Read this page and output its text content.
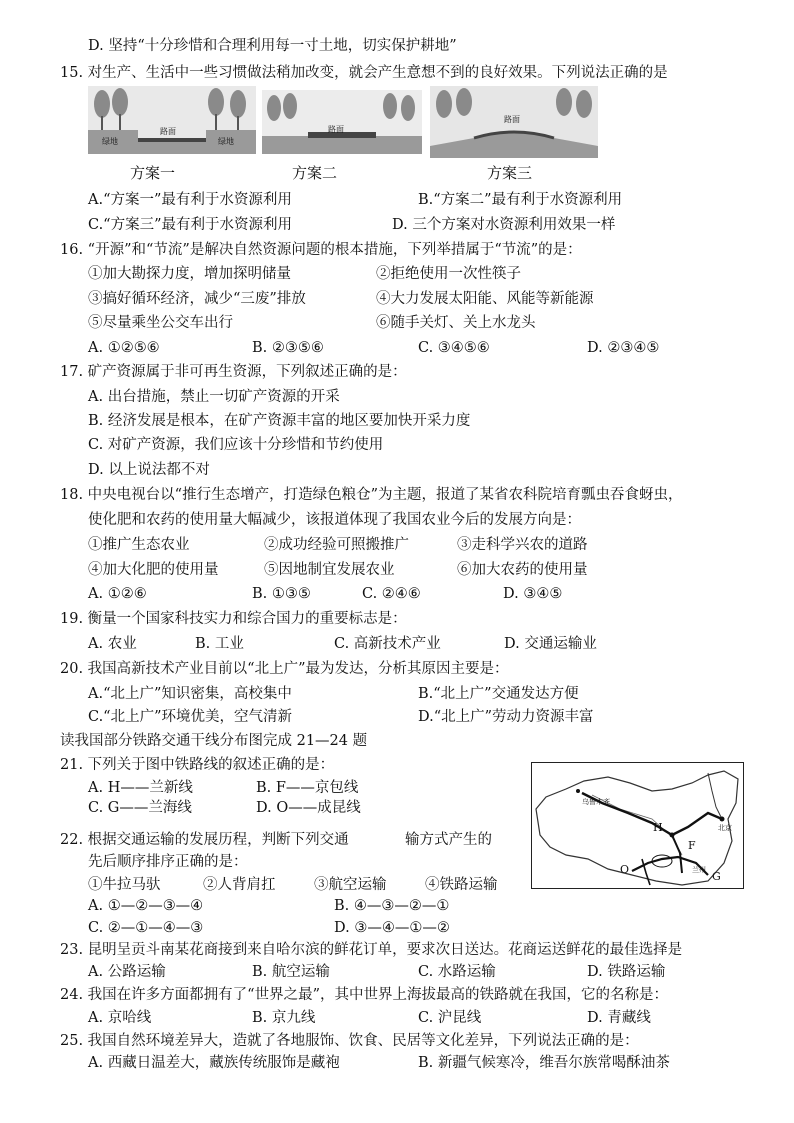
D. 坚持“十分珍惜和合理利用每一寸土地，切实保护耕地”
15. 对生产、生活中一些习惯做法稍加改变，就会产生意想不到的良好效果。下列说法正确的是
绿地
路面
绿地
路面
路面
方案一	方案二	方案三
A.“方案一”最有利于水资源利用	B.“方案二”最有利于水资源利用
C.“方案三”最有利于水资源利用	D. 三个方案对水资源利用效果一样
16. “开源”和“节流”是解决自然资源问题的根本措施，下列举措属于“节流”的是：
①加大勘探力度，增加探明储量	②拒绝使用一次性筷子
③搞好循环经济，减少“三废”排放	④大力发展太阳能、风能等新能源
⑤尽量乘坐公交车出行	⑥随手关灯、关上水龙头
A. ①②⑤⑥	B. ②③⑤⑥	C. ③④⑤⑥	D. ②③④⑤
17. 矿产资源属于非可再生资源，下列叙述正确的是：
A. 出台措施，禁止一切矿产资源的开采
B. 经济发展是根本，在矿产资源丰富的地区要加快开采力度
C. 对矿产资源，我们应该十分珍惜和节约使用
D. 以上说法都不对
18. 中央电视台以“推行生态增产，打造绿色粮仓”为主题，报道了某省农科院培育瓢虫吞食蚜虫，
使化肥和农药的使用量大幅减少，该报道体现了我国农业今后的发展方向是：
①推广生态农业	②成功经验可照搬推广	③走科学兴农的道路
④加大化肥的使用量	⑤因地制宜发展农业	⑥加大农药的使用量
A. ①②⑥	B. ①③⑤	C. ②④⑥	D. ③④⑤
19. 衡量一个国家科技实力和综合国力的重要标志是：
A. 农业	B. 工业	C. 高新技术产业	D. 交通运输业
20. 我国高新技术产业目前以“北上广”最为发达，分析其原因主要是：
A.“北上广”知识密集，高校集中	B.“北上广”交通发达方便
C.“北上广”环境优美，空气清新	D.“北上广”劳动力资源丰富
读我国部分铁路交通干线分布图完成 21—24 题
21. 下列关于图中铁路线的叙述正确的是：
A. H——兰新线	B. F——京包线
C. G——兰海线	D. O——成昆线
22. 根据交通运输的发展历程，判断下列交通	输方式产生的
先后顺序排序正确的是：
①牛拉马驮	②人背肩扛	③航空运输	④铁路运输
A. ①—②—③—④	B. ④—③—②—①
C. ②—①—④—③	D. ③—④—①—②
23. 昆明呈贡斗南某花商接到来自哈尔滨的鲜花订单，要求次日送达。花商运送鲜花的最佳选择是
A. 公路运输	B. 航空运输	C. 水路运输	D. 铁路运输
24. 我国在许多方面都拥有了“世界之最”，其中世界上海拔最高的铁路就在我国，它的名称是：
A. 京哈线	B. 京九线	C. 沪昆线	D. 青藏线
25. 我国自然环境差异大，造就了各地服饰、饮食、民居等文化差异，下列说法正确的是：
A. 西藏日温差大，藏族传统服饰是藏袍	B. 新疆气候寒冷，维吾尔族常喝酥油茶
乌鲁木齐
北京
兰州
H
F
G
O
